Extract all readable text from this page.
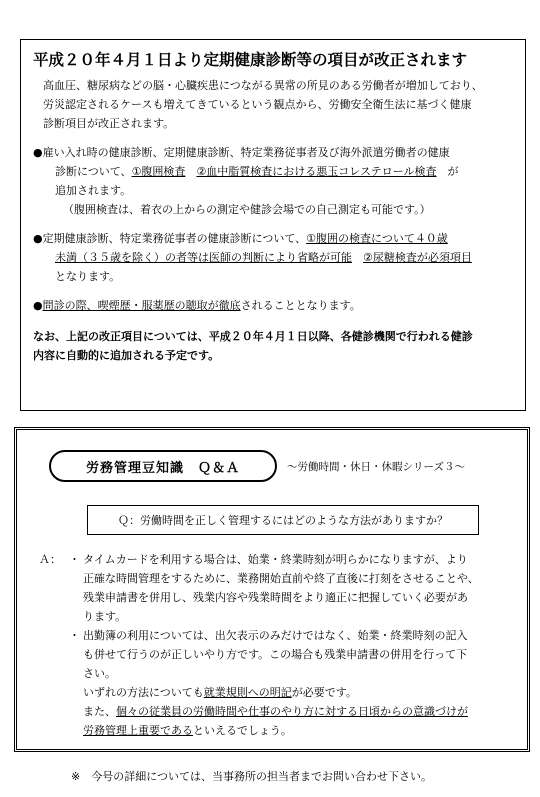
平成２０年４月１日より定期健康診断等の項目が改正されます
高血圧、糖尿病などの脳・心臓疾患につながる異常の所見のある労働者が増加しており、
労災認定されるケースも増えてきているという観点から、労働安全衛生法に基づく健康
診断項目が改正されます。
●雇い入れ時の健康診断、定期健康診断、特定業務従事者及び海外派遣労働者の健康
診断について、①腹囲検査　 ②血中脂質検査における悪玉コレステロール検査　が
追加されます。
（腹囲検査は、着衣の上からの測定や健診会場での自己測定も可能です。）
●定期健康診断、特定業務従事者の健康診断について、①腹囲の検査について４０歳
未満（３５歳を除く）の者等は医師の判断により省略が可能　 ②尿糖検査が必須項目
となります。
●問診の際、喫煙歴・服薬歴の聴取が徹底されることとなります。
なお、上記の改正項目については、平成２０年４月１日以降、各健診機関で行われる健診
内容に自動的に追加される予定です。
労務管理豆知識　Ｑ＆Ａ	～労働時間・休日・休暇シリーズ３～
Ｑ：労働時間を正しく管理するにはどのような方法がありますか？
Ａ： ・ タイムカードを利用する場合は、始業・終業時刻が明らかになりますが、より
正確な時間管理をするために、業務開始直前や終了直後に打刻をさせることや、
残業申請書を併用し、残業内容や残業時間をより適正に把握していく必要があ
ります。
・ 出勤簿の利用については、出欠表示のみだけではなく、始業・終業時刻の記入
も併せて行うのが正しいやり方です。この場合も残業申請書の併用を行って下
さい。
いずれの方法についても就業規則への明記が必要です。
また、個々の従業員の労働時間や仕事のやり方に対する日頃からの意識づけが
労務管理上重要であるといえるでしょう。
※　今号の詳細については、当事務所の担当者までお問い合わせ下さい。
